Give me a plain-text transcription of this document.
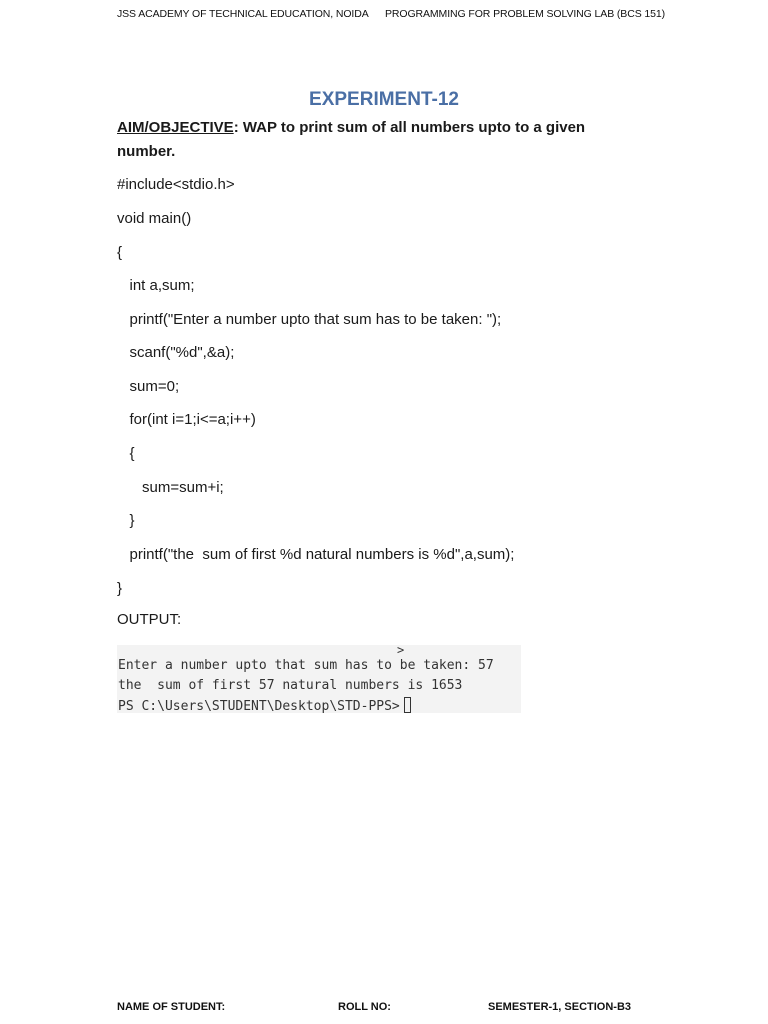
JSS ACADEMY OF TECHNICAL EDUCATION, NOIDA PROGRAMMING FOR PROBLEM SOLVING LAB (BCS 151)
EXPERIMENT-12
AIM/OBJECTIVE: WAP to print sum of all numbers upto to a given number.
#include<stdio.h>
void main()
{
int a,sum;
printf("Enter a number upto that sum has to be taken: ");
scanf("%d",&a);
sum=0;
for(int i=1;i<=a;i++)
{
sum=sum+i;
}
printf("the  sum of first %d natural numbers is %d",a,sum);
}
OUTPUT:
>
Enter a number upto that sum has to be taken: 57
the  sum of first 57 natural numbers is 1653
PS C:\Users\STUDENT\Desktop\STD-PPS>
NAME OF STUDENT:	ROLL NO:	SEMESTER-1, SECTION-B3
